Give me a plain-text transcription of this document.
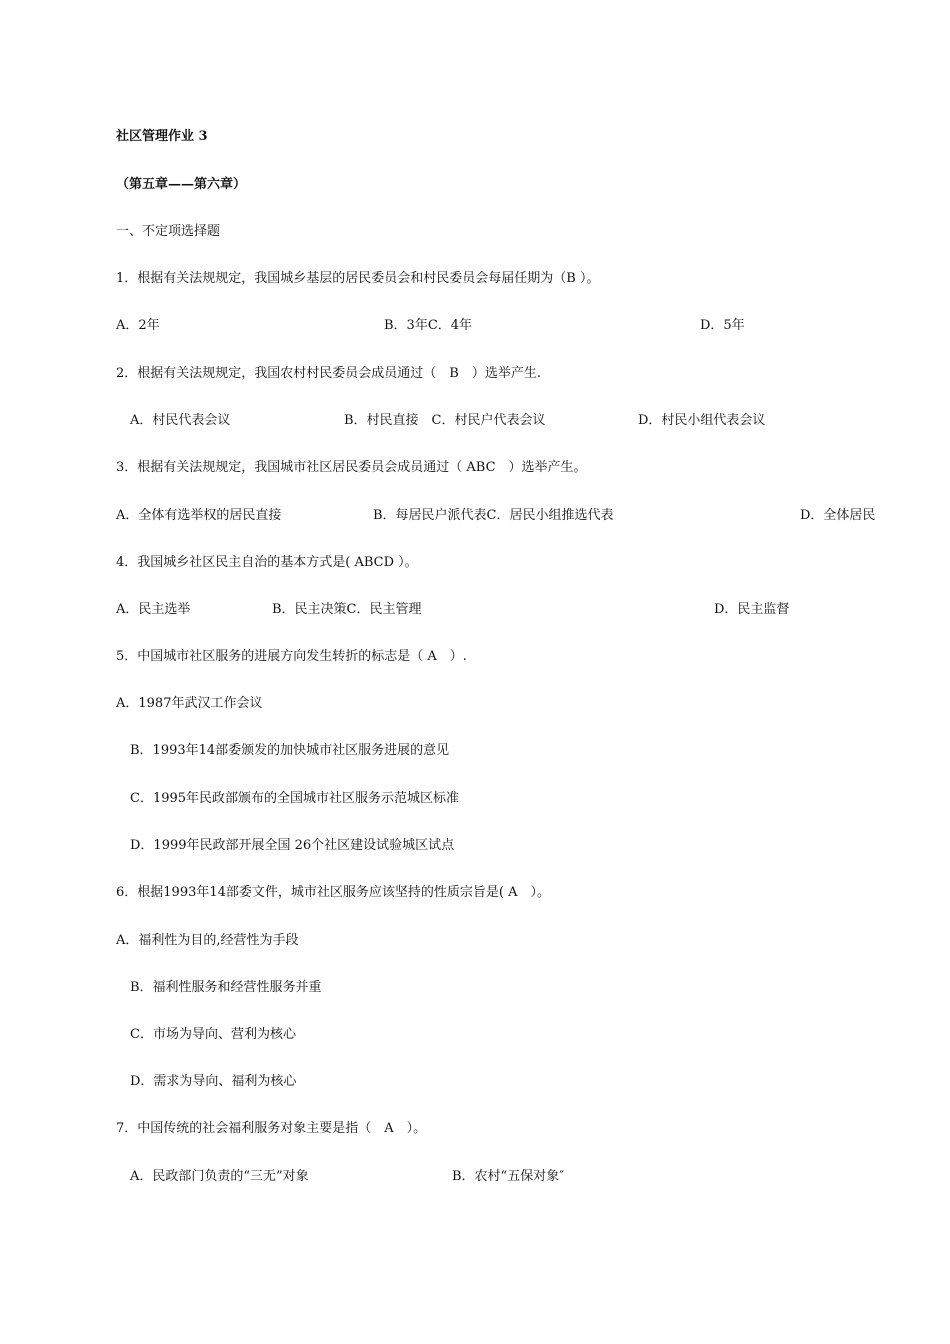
社区管理作业 3
（第五章——第六章）
一、不定项选择题
1．根据有关法规规定，我国城乡基层的居民委员会和村民委员会每届任期为（B ）。
A．2年	B．3年C．4年	D．5年
2．根据有关法规规定，我国农村村民委员会成员通过（　B　）选举产生.
A．村民代表会议	B．村民直接　C．村民户代表会议	D．村民小组代表会议
3．根据有关法规规定，我国城市社区居民委员会成员通过（ ABC　）选举产生。
A．全体有选举权的居民直接	B．每居民户派代表C．居民小组推选代表	D．全体居民
4．我国城乡社区民主自治的基本方式是( ABCD ）。
A．民主选举	B．民主决策C．民主管理	D．民主监督
5．中国城市社区服务的进展方向发生转折的标志是（ A　）.
A．1987年武汉工作会议
B．1993年14部委颁发的加快城市社区服务进展的意见
C．1995年民政部颁布的全国城市社区服务示范城区标准
D．1999年民政部开展全国 26个社区建设试验城区试点
6．根据1993年14部委文件，城市社区服务应该坚持的性质宗旨是( A　）。
A．福利性为目的,经营性为手段
B．福利性服务和经营性服务并重
C．市场为导向、营利为核心
D．需求为导向、福利为核心
7．中国传统的社会福利服务对象主要是指（　A　）。
A．民政部门负责的“三无”对象	B．农村“五保对象″
